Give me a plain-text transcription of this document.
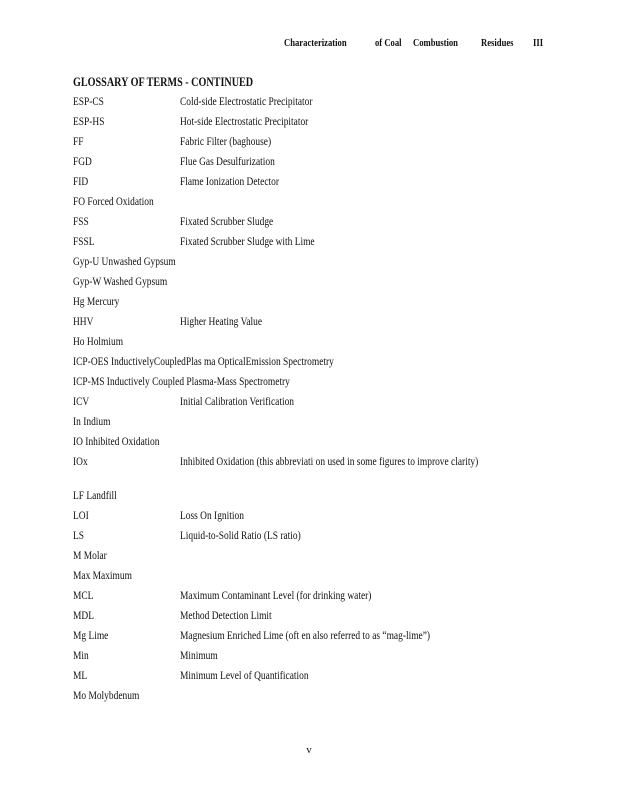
Characterization	of Coal Combustion Residues III
GLOSSARY OF TERMS - CONTINUED
ESP-CS	Cold-side Electrostatic Precipitator
ESP-HS	Hot-side Electrostatic Precipitator
FF	Fabric Filter (baghouse)
FGD	Flue Gas Desulfurization
FID	Flame Ionization Detector
FO Forced Oxidation
FSS	Fixated Scrubber Sludge
FSSL	Fixated Scrubber Sludge with Lime
Gyp-U Unwashed Gypsum
Gyp-W Washed Gypsum
Hg Mercury
HHV	Higher Heating Value
Ho Holmium
ICP-OES InductivelyCoupledPlas ma OpticalEmission Spectrometry
ICP-MS Inductively Coupled Plasma-Mass Spectrometry
ICV	Initial Calibration Verification
In Indium
IO Inhibited Oxidation
IOx	Inhibited Oxidation (this abbreviati on used in some figures to improve clarity)
LF Landfill
LOI	Loss On Ignition
LS	Liquid-to-Solid Ratio (LS ratio)
M Molar
Max Maximum
MCL	Maximum Contaminant Level (for drinking water)
MDL	Method Detection Limit
Mg Lime	Magnesium Enriched Lime (oft en also referred to as “mag-lime”)
Min	Minimum
ML	Minimum Level of Quantification
Mo Molybdenum
v
